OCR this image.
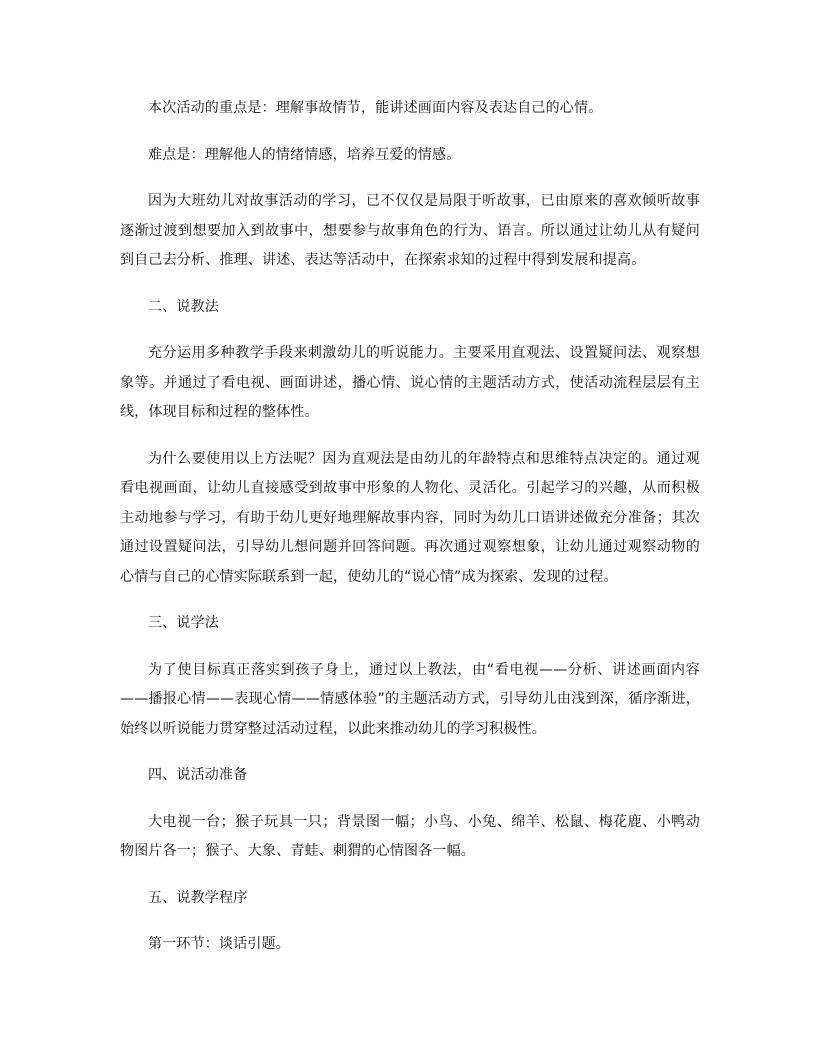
本次活动的重点是：理解事故情节，能讲述画面内容及表达自己的心情。

难点是：理解他人的情绪情感，培养互爱的情感。

因为大班幼儿对故事活动的学习，已不仅仅是局限于听故事，已由原来的喜欢倾听故事逐渐过渡到想要加入到故事中，想要参与故事角色的行为、语言。所以通过让幼儿从有疑问到自己去分析、推理、讲述、表达等活动中，在探索求知的过程中得到发展和提高。

二、说教法

充分运用多种教学手段来刺激幼儿的听说能力。主要采用直观法、设置疑问法、观察想象等。并通过了看电视、画面讲述，播心情、说心情的主题活动方式，使活动流程层层有主线，体现目标和过程的整体性。

为什么要使用以上方法呢？因为直观法是由幼儿的年龄特点和思维特点决定的。通过观看电视画面，让幼儿直接感受到故事中形象的人物化、灵活化。引起学习的兴趣，从而积极主动地参与学习，有助于幼儿更好地理解故事内容，同时为幼儿口语讲述做充分准备；其次通过设置疑问法，引导幼儿想问题并回答问题。再次通过观察想象，让幼儿通过观察动物的心情与自己的心情实际联系到一起，使幼儿的“说心情”成为探索、发现的过程。

三、说学法

为了使目标真正落实到孩子身上，通过以上教法，由“看电视——分析、讲述画面内容——播报心情——表现心情——情感体验”的主题活动方式，引导幼儿由浅到深，循序渐进，始终以听说能力贯穿整过活动过程，以此来推动幼儿的学习积极性。

四、说活动准备

大电视一台；猴子玩具一只；背景图一幅；小鸟、小兔、绵羊、松鼠、梅花鹿、小鸭动物图片各一；猴子、大象、青蛙、刺猬的心情图各一幅。

五、说教学程序

第一环节：谈话引题。
